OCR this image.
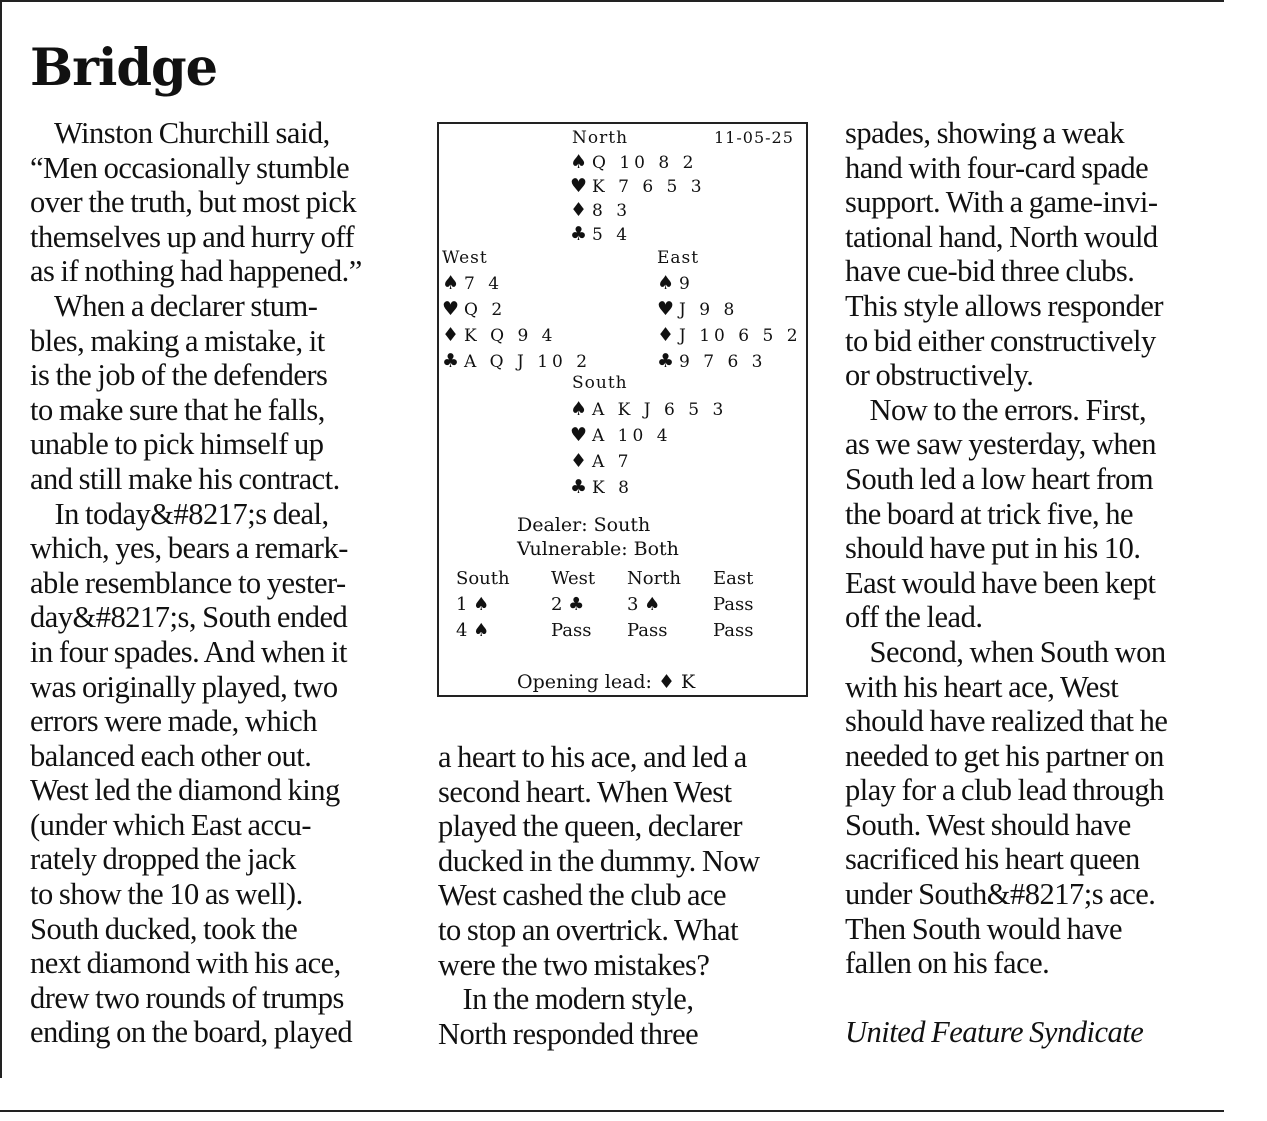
Bridge
Winston Churchill said,
“Men occasionally stumble
over the truth, but most pick
themselves up and hurry off
as if nothing had happened.”
When a declarer stum-
bles, making a mistake, it
is the job of the defenders
to make sure that he falls,
unable to pick himself up
and still make his contract.
In today&#8217;s deal,
which, yes, bears a remark-
able resemblance to yester-
day&#8217;s, South ended
in four spades. And when it
was originally played, two
errors were made, which
balanced each other out.
West led the diamond king
(under which East accu-
rately dropped the jack
to show the 10 as well).
South ducked, took the
next diamond with his ace,
drew two rounds of trumps
ending on the board, played
North	11-05-25
♠ Q 10 8 2
♥ K 7 6 5 3
♦ 8 3
♣ 5 4
West	East
♠ 7 4
♥ Q 2
♦ K Q 9 4
♣ A Q J 10 2
♠ 9
♥ J 9 8
♦ J 10 6 5 2
♣ 9 7 6 3
South
♠ A K J 6 5 3
♥ A 10 4
♦ A 7
♣ K 8
Dealer: South
Vulnerable: Both
South West North East
1 ♠	2 ♣ 3 ♠	Pass
4 ♠	Pass Pass	Pass
Opening lead: ♦ K
a heart to his ace, and led a
second heart. When West
played the queen, declarer
ducked in the dummy. Now
West cashed the club ace
to stop an overtrick. What
were the two mistakes?
In the modern style,
North responded three
spades, showing a weak
hand with four-card spade
support. With a game-invi-
tational hand, North would
have cue-bid three clubs.
This style allows responder
to bid either constructively
or obstructively.
Now to the errors. First,
as we saw yesterday, when
South led a low heart from
the board at trick five, he
should have put in his 10.
East would have been kept
off the lead.
Second, when South won
with his heart ace, West
should have realized that he
needed to get his partner on
play for a club lead through
South. West should have
sacrificed his heart queen
under South&#8217;s ace.
Then South would have
fallen on his face.

United Feature Syndicate
